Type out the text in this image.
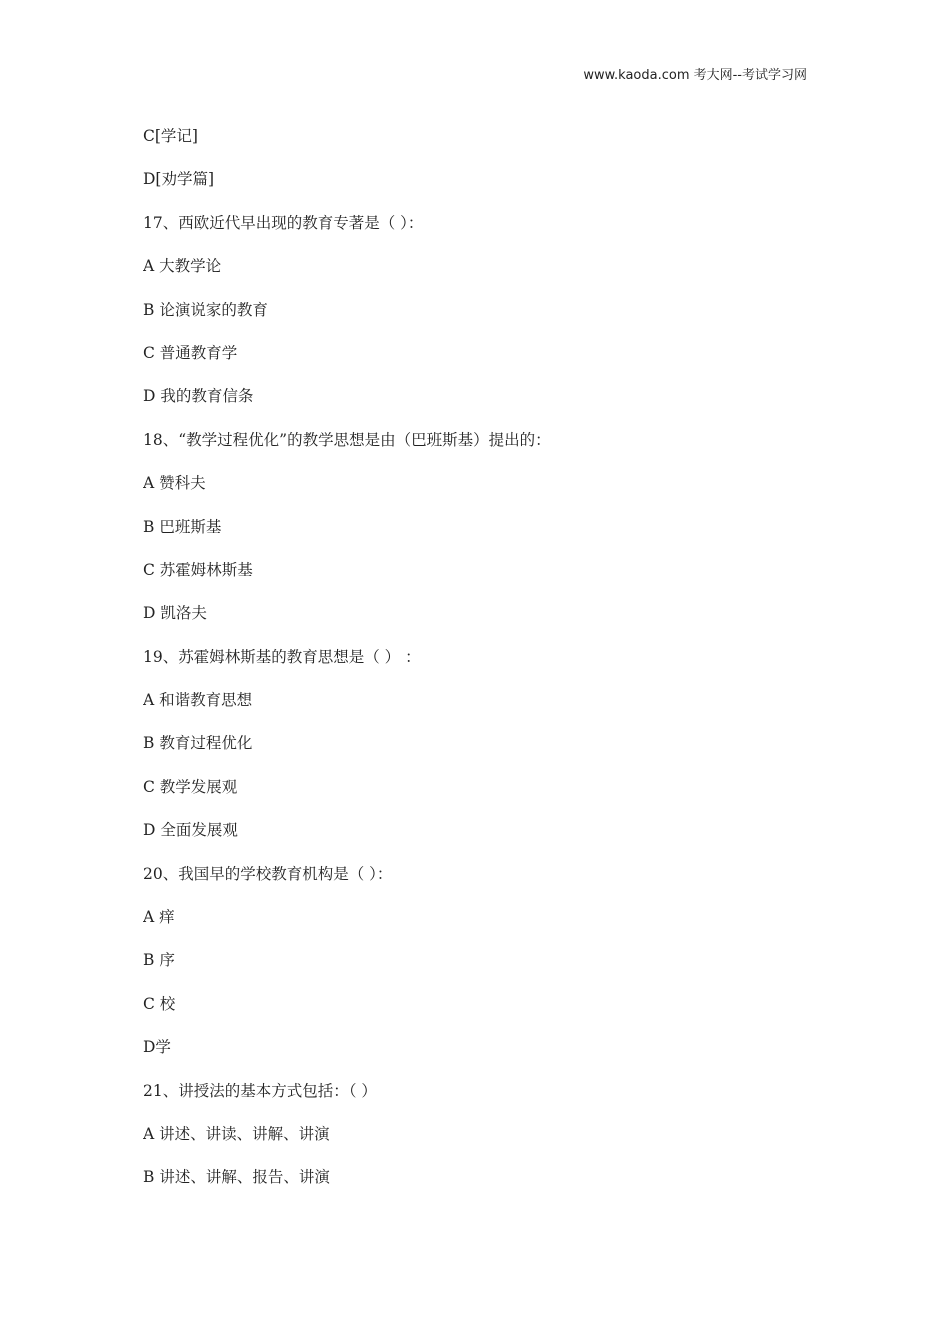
www.kaoda.com 考大网--考试学习网
C[学记]
D[劝学篇]
17、西欧近代早出现的教育专著是（ ）：
A 大教学论
B 论演说家的教育
C 普通教育学
D 我的教育信条
18、“教学过程优化”的教学思想是由（巴班斯基）提出的：
A 赞科夫
B 巴班斯基
C 苏霍姆林斯基
D 凯洛夫
19、苏霍姆林斯基的教育思想是（ ） ：
A 和谐教育思想
B 教育过程优化
C 教学发展观
D 全面发展观
20、我国早的学校教育机构是（ ）：
A 痒
B 序
C 校
D学
21、讲授法的基本方式包括：（ ）
A 讲述、讲读、讲解、讲演
B 讲述、讲解、报告、讲演
